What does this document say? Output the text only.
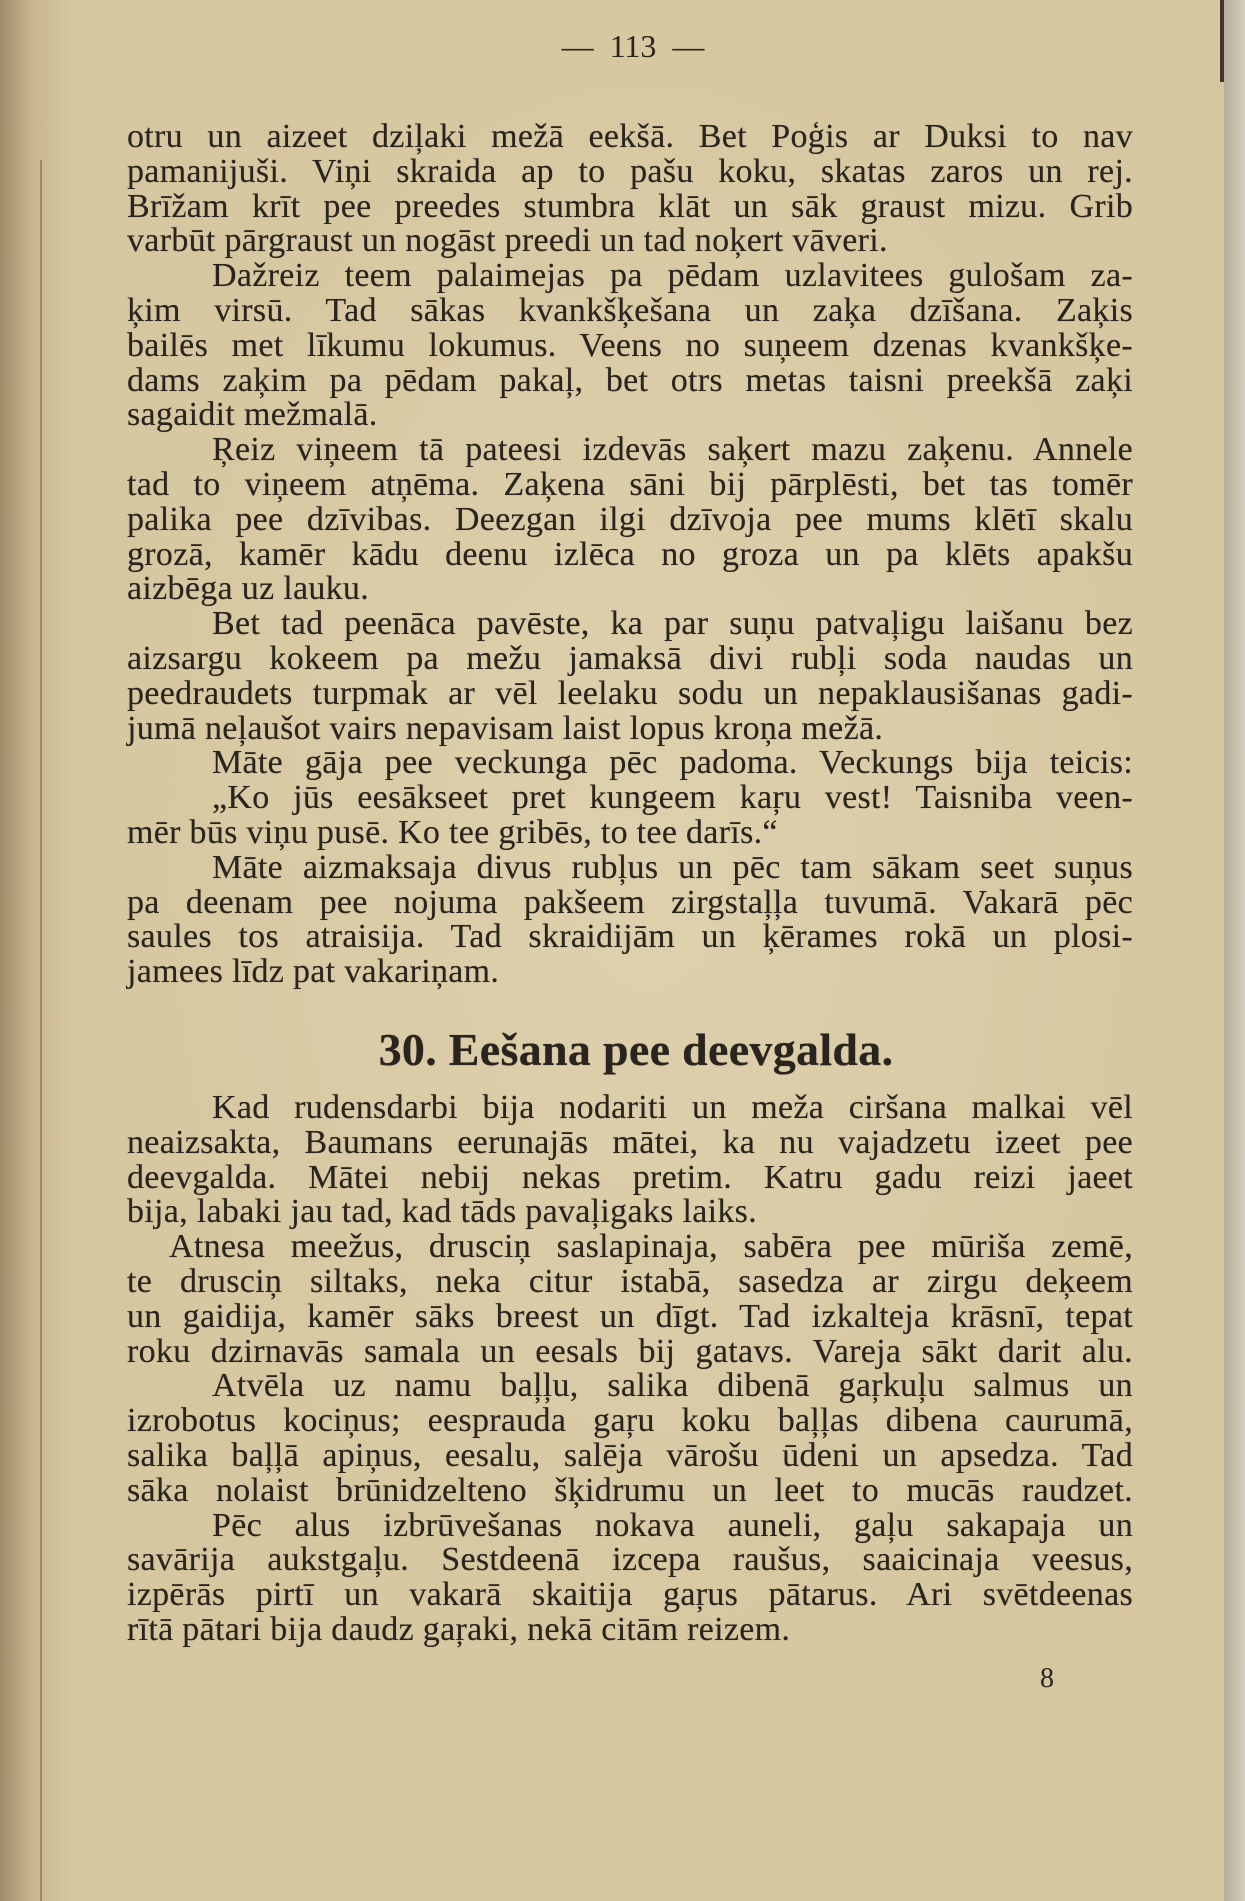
— 113 —
otru un aizeet dziļaki mežā eekšā. Bet Poģis ar Duksi to nav
pamanijuši. Viņi skraida ap to pašu koku, skatas zaros un rej.
Brīžam krīt pee preedes stumbra klāt un sāk graust mizu. Grib
varbūt pārgraust un nogāst preedi un tad noķert vāveri.
Dažreiz teem palaimejas pa pēdam uzlavitees gulošam za-
ķim virsū. Tad sākas kvankšķešana un zaķa dzīšana. Zaķis
bailēs met līkumu lokumus. Veens no suņeem dzenas kvankšķe-
dams zaķim pa pēdam pakaļ, bet otrs metas taisni preekšā zaķi
sagaidit mežmalā.
Ŗeiz viņeem tā pateesi izdevās saķert mazu zaķenu. Annele
tad to viņeem atņēma. Zaķena sāni bij pārplēsti, bet tas tomēr
palika pee dzīvibas. Deezgan ilgi dzīvoja pee mums klētī skalu
grozā, kamēr kādu deenu izlēca no groza un pa klēts apakšu
aizbēga uz lauku.
Bet tad peenāca pavēste, ka par suņu patvaļigu laišanu bez
aizsargu kokeem pa mežu jamaksā divi rubļi soda naudas un
peedraudets turpmak ar vēl leelaku sodu un nepaklausišanas gadi-
jumā neļaušot vairs nepavisam laist lopus kroņa mežā.
Māte gāja pee veckunga pēc padoma. Veckungs bija teicis:
„Ko jūs eesākseet pret kungeem kaŗu vest! Taisniba veen-
mēr būs viņu pusē. Ko tee gribēs, to tee darīs.“
Māte aizmaksaja divus rubļus un pēc tam sākam seet suņus
pa deenam pee nojuma pakšeem zirgstaļļa tuvumā. Vakarā pēc
saules tos atraisija. Tad skraidijām un ķērames rokā un plosi-
jamees līdz pat vakariņam.
30. Eešana pee deevgalda.
Kad rudensdarbi bija nodariti un meža ciršana malkai vēl
neaizsakta, Baumans eerunajās mātei, ka nu vajadzetu izeet pee
deevgalda. Mātei nebij nekas pretim. Katru gadu reizi jaeet
bija, labaki jau tad, kad tāds pavaļigaks laiks.
Atnesa meežus, drusciņ saslapinaja, sabēra pee mūriša zemē,
te drusciņ siltaks, neka citur istabā, sasedza ar zirgu deķeem
un gaidija, kamēr sāks breest un dīgt. Tad izkalteja krāsnī, tepat
roku dzirnavās samala un eesals bij gatavs. Vareja sākt darit alu.
Atvēla uz namu baļļu, salika dibenā gaŗkuļu salmus un
izrobotus kociņus; eesprauda gaŗu koku baļļas dibena caurumā,
salika baļļā apiņus, eesalu, salēja vārošu ūdeni un apsedza. Tad
sāka nolaist brūnidzelteno šķidrumu un leet to mucās raudzet.
Pēc alus izbrūvešanas nokava auneli, gaļu sakapaja un
savārija aukstgaļu. Sestdeenā izcepa raušus, saaicinaja veesus,
izpērās pirtī un vakarā skaitija gaŗus pātarus. Ari svētdeenas
rītā pātari bija daudz gaŗaki, nekā citām reizem.
8
